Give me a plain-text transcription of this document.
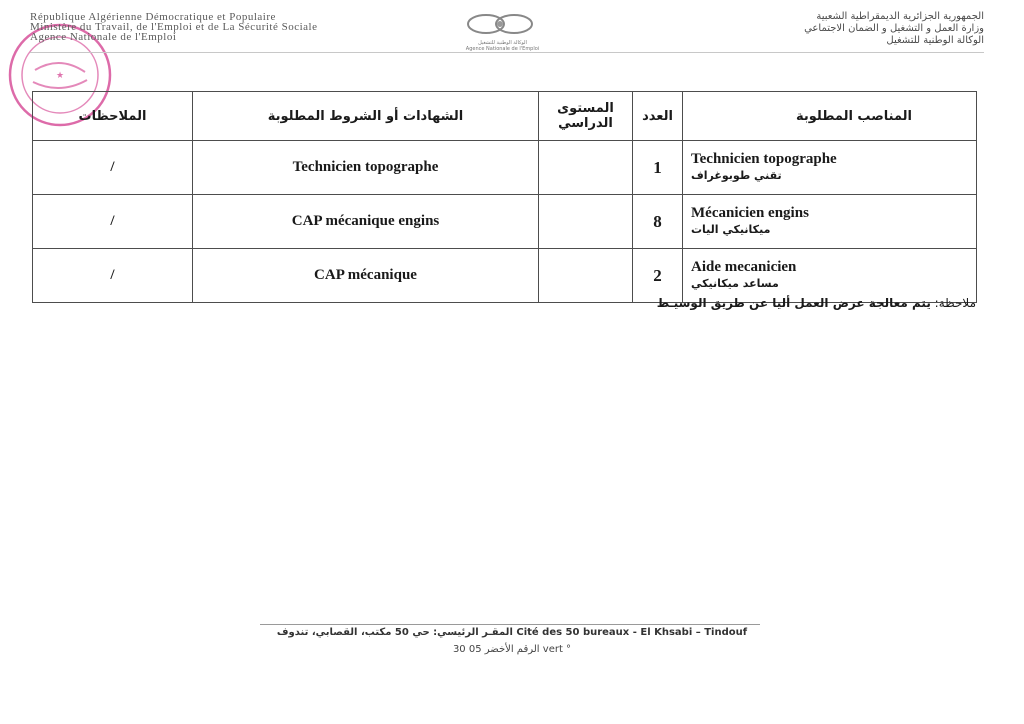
★
République Algérienne Démocratique et Populaire
Ministère du Travail, de l'Emploi et de La Sécurité Sociale
Agence Nationale de l'Emploi	الوكالة الوطنية للتشغيل
Agence Nationale de l'Emploi
الجمهورية الجزائرية الديمقراطية الشعبية
وزارة العمل و التشغيل و الضمان الاجتماعي
الوكالة الوطنية للتشغيل
المناصب المطلوبة	العدد	المستوى الدراسي	الشهادات أو الشروط المطلوبة	الملاحظات

Technicien topographe
تقني طوبوغراف	1		Technicien topographe	/

Mécanicien engins
ميكانيكي اليات	8		CAP mécanique engins	/

Aide mecanicien
مساعد ميكانيكي	2		CAP mécanique	/
ملاحظة: يتم معالجة عرض العمل أليا عن طريق الوسيـط
المقـر الرئيسي: حي 50 مكتب، القصابي، تندوف Cité des 50 bureaux - El Khsabi – Tindouf
الرقم الأخضر 05 30 vert °
